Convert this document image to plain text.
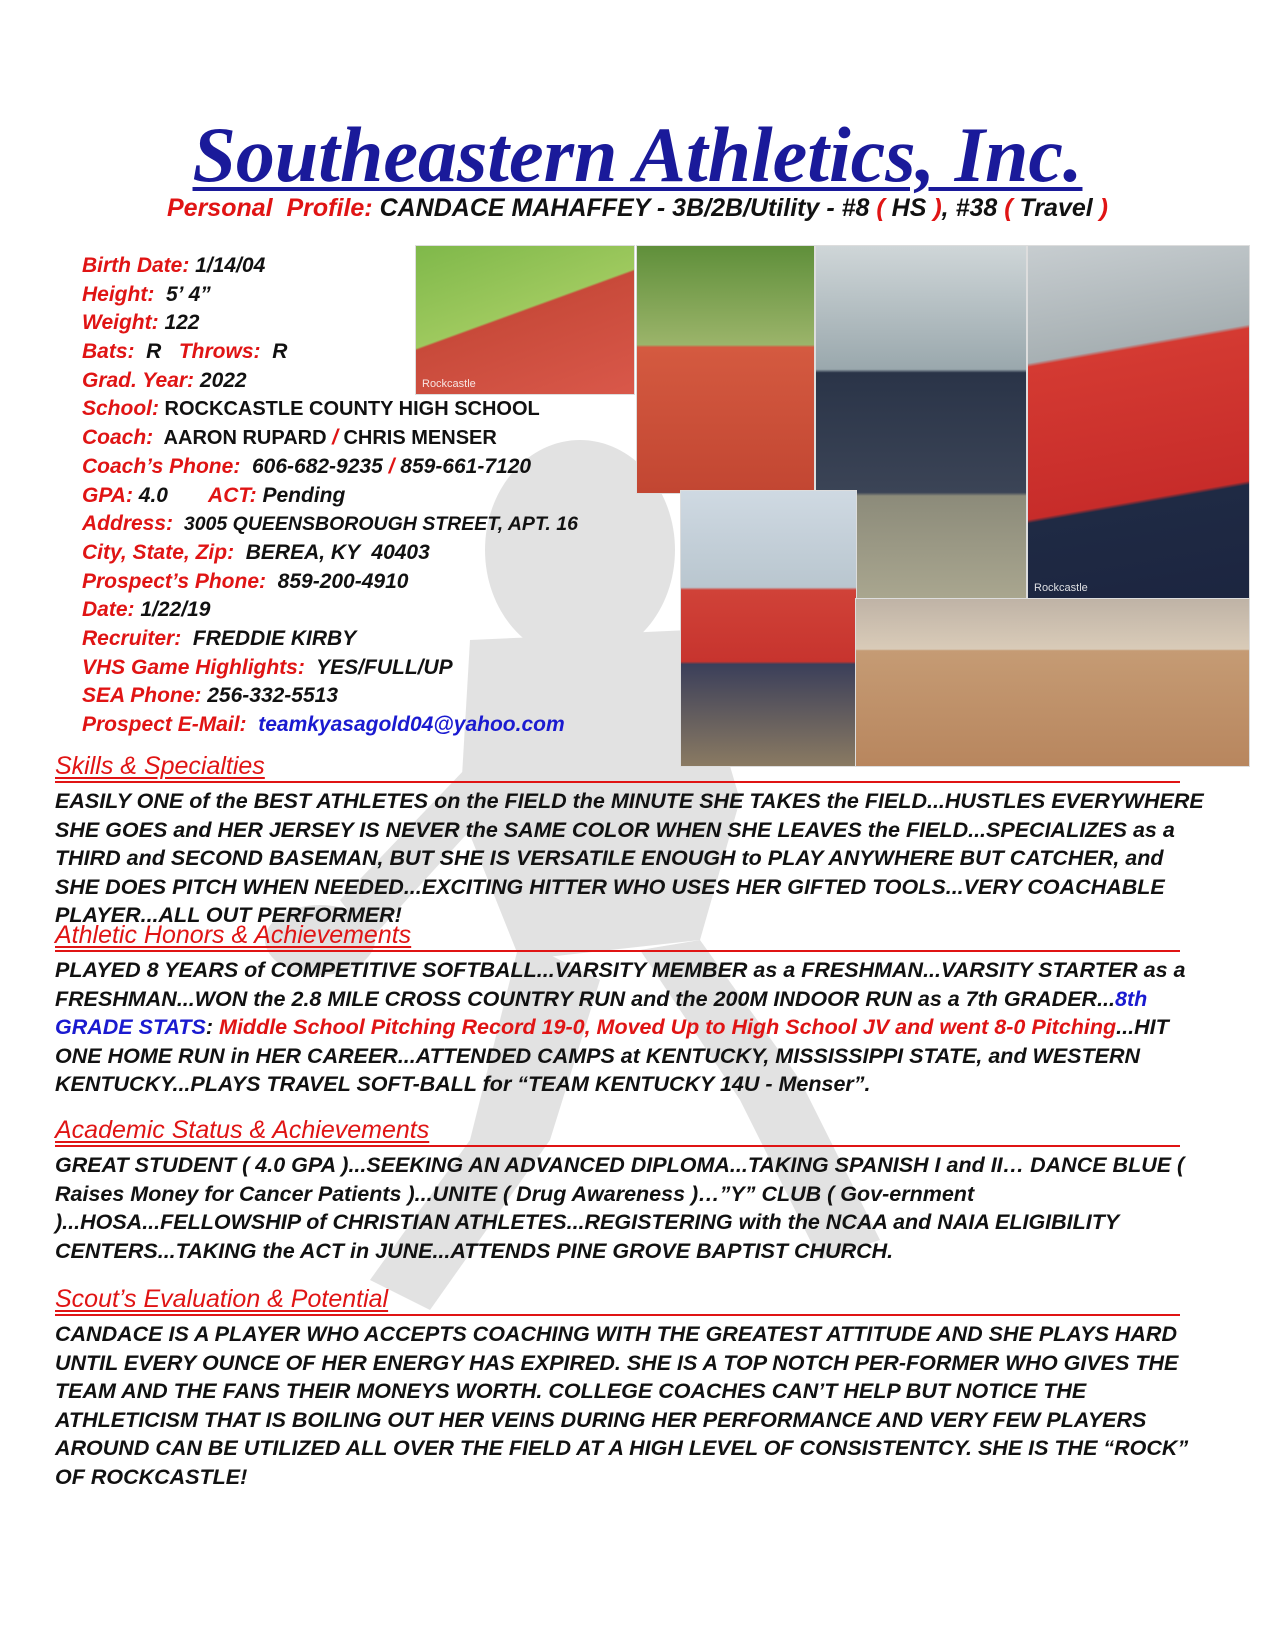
Southeastern Athletics, Inc.
Personal  Profile: CANDACE MAHAFFEY - 3B/2B/Utility - #8 ( HS ), #38 ( Travel )
Rockcastle
Rockcastle
Birth Date: 1/14/04
Height:  5’ 4”
Weight: 122
Bats:  R   Throws:  R
Grad. Year: 2022
School: ROCKCASTLE COUNTY HIGH SCHOOL
Coach:  AARON RUPARD / CHRIS MENSER
Coach’s Phone:  606-682-9235 / 859-661-7120
GPA: 4.0       ACT: Pending
Address:  3005 QUEENSBOROUGH STREET, APT. 16
City, State, Zip:  BEREA, KY  40403
Prospect’s Phone:  859-200-4910
Date: 1/22/19
Recruiter:  FREDDIE KIRBY
VHS Game Highlights:  YES/FULL/UP
SEA Phone: 256-332-5513
Prospect E-Mail:  teamkyasagold04@yahoo.com
Skills & Specialties
EASILY ONE of the BEST ATHLETES on the FIELD the MINUTE SHE TAKES the FIELD...HUSTLES EVERYWHERE SHE GOES and HER JERSEY IS NEVER the SAME COLOR WHEN SHE LEAVES the FIELD...SPECIALIZES as a THIRD and SECOND BASEMAN, BUT SHE IS VERSATILE ENOUGH to PLAY ANYWHERE BUT CATCHER, and SHE DOES PITCH WHEN NEEDED...EXCITING HITTER WHO USES HER GIFTED TOOLS...VERY COACHABLE PLAYER...ALL OUT PERFORMER!
Athletic Honors & Achievements
PLAYED 8 YEARS of COMPETITIVE SOFTBALL...VARSITY MEMBER as a FRESHMAN...VARSITY STARTER as a FRESHMAN...WON the 2.8 MILE CROSS COUNTRY RUN and the 200M INDOOR RUN as a 7th GRADER...8th GRADE STATS: Middle School Pitching Record 19-0, Moved Up to High School JV and went 8-0 Pitching...HIT ONE HOME RUN in HER CAREER...ATTENDED CAMPS at KENTUCKY, MISSISSIPPI STATE, and WESTERN KENTUCKY...PLAYS TRAVEL SOFT-BALL for “TEAM KENTUCKY 14U - Menser”.
Academic Status & Achievements
GREAT STUDENT ( 4.0 GPA )...SEEKING AN ADVANCED DIPLOMA...TAKING SPANISH I and II… DANCE BLUE ( Raises Money for Cancer Patients )...UNITE ( Drug Awareness )…”Y” CLUB ( Gov-ernment )...HOSA...FELLOWSHIP of CHRISTIAN ATHLETES...REGISTERING with the NCAA and NAIA ELIGIBILITY CENTERS...TAKING the ACT in JUNE...ATTENDS PINE GROVE BAPTIST CHURCH.
Scout’s Evaluation & Potential
CANDACE IS A PLAYER WHO ACCEPTS COACHING WITH THE GREATEST ATTITUDE AND SHE PLAYS HARD UNTIL EVERY OUNCE OF HER ENERGY HAS EXPIRED. SHE IS A TOP NOTCH PER-FORMER WHO GIVES THE TEAM AND THE FANS THEIR MONEYS WORTH. COLLEGE COACHES CAN’T HELP BUT NOTICE THE ATHLETICISM THAT IS BOILING OUT HER VEINS DURING HER PERFORMANCE AND VERY FEW PLAYERS AROUND CAN BE UTILIZED ALL OVER THE FIELD AT A HIGH LEVEL OF CONSISTENTCY. SHE IS THE “ROCK” OF ROCKCASTLE!
